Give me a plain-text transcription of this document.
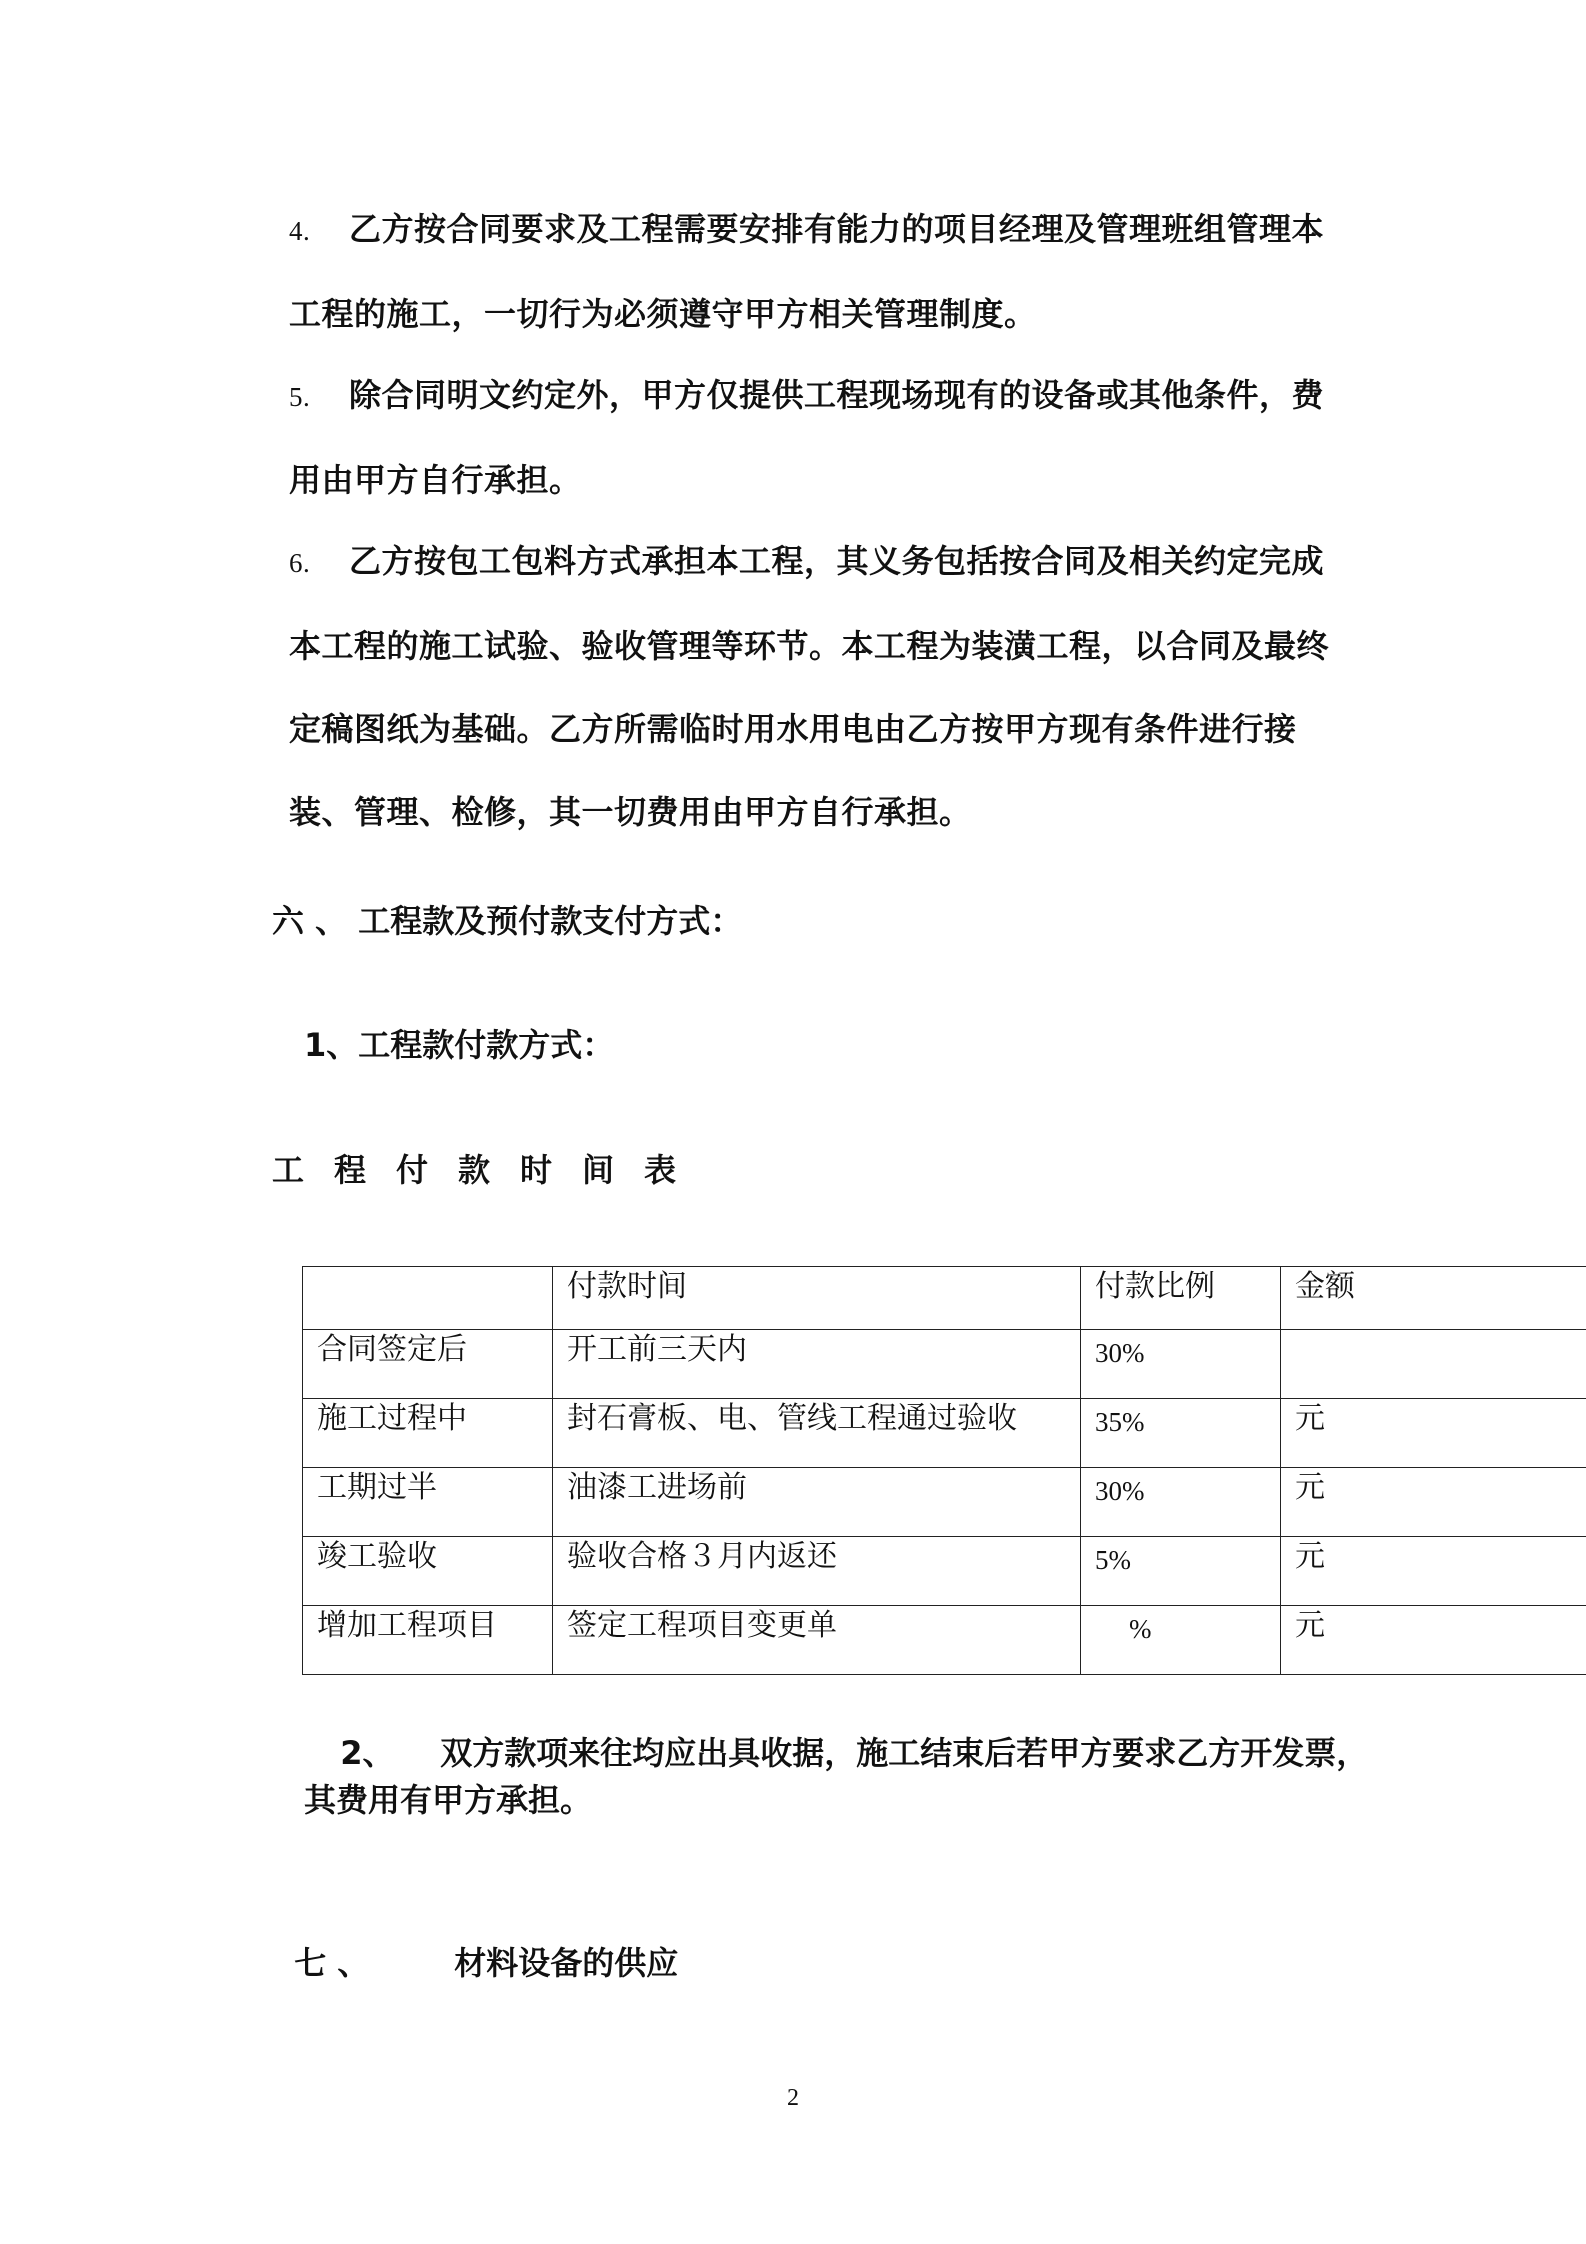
4. 乙方按合同要求及工程需要安排有能力的项目经理及管理班组管理本工程的施工，一切行为必须遵守甲方相关管理制度。
5. 除合同明文约定外，甲方仅提供工程现场现有的设备或其他条件，费用由甲方自行承担。
6. 乙方按包工包料方式承担本工程，其义务包括按合同及相关约定完成本工程的施工试验、验收管理等环节。本工程为装潢工程，以合同及最终定稿图纸为基础。乙方所需临时用水用电由乙方按甲方现有条件进行接装、管理、检修，其一切费用由甲方自行承担。
六 、 工程款及预付款支付方式：
1、工程款付款方式：
工程付款时间表
	付款时间	付款比例	金额
合同签定后	开工前三天内	30%	
施工过程中	封石膏板、电、管线工程通过验收	35%	元
工期过半	油漆工进场前	30%	元
竣工验收	验收合格３月内返还	5%	元
增加工程项目	签定工程项目变更单	%	元

2、 双方款项来往均应出具收据，施工结束后若甲方要求乙方开发票，

其费用有甲方承担。

七 、	材料设备的供应

2
